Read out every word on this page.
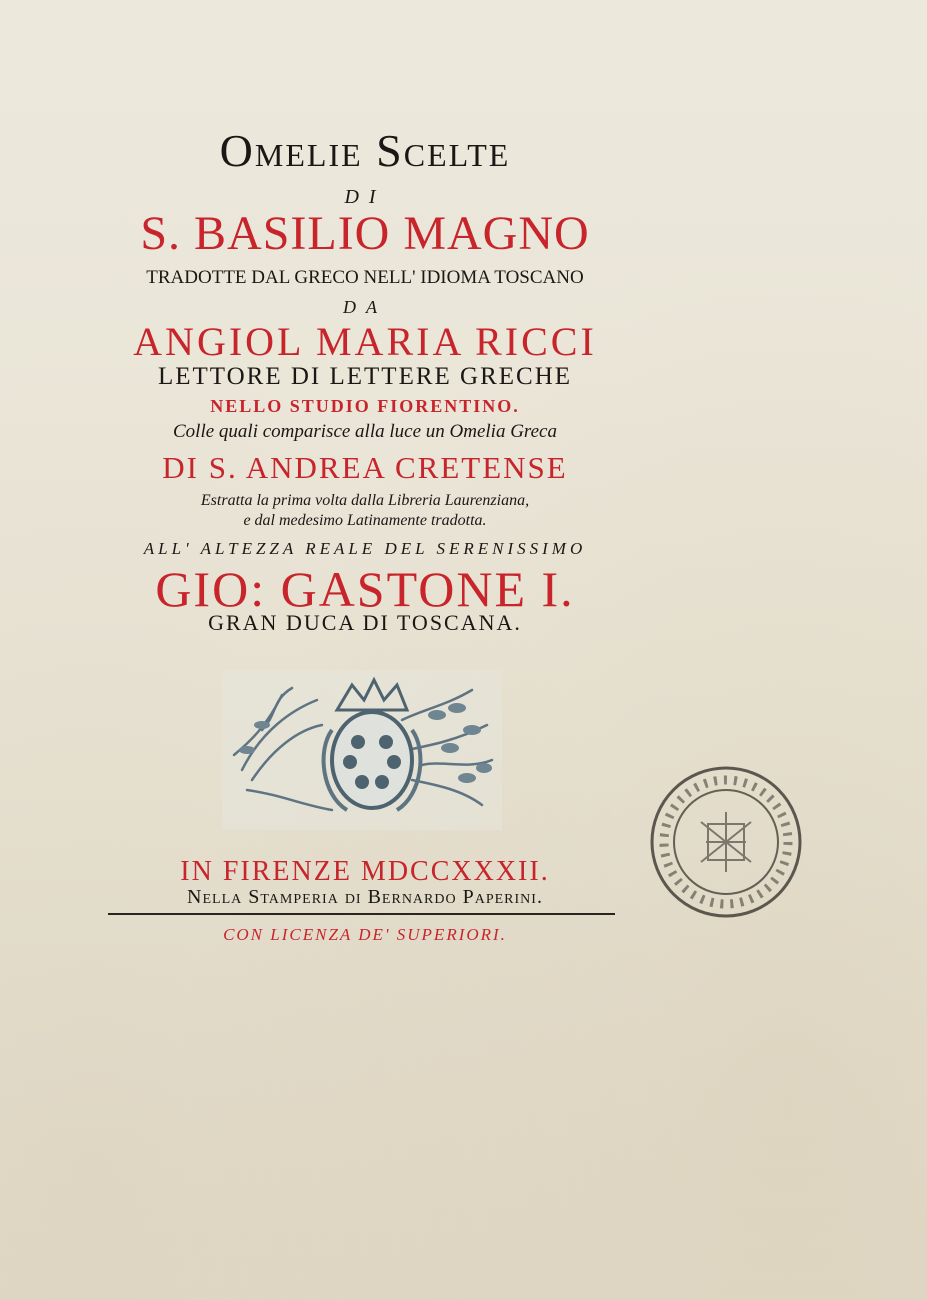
Omelie Scelte
DI
S. BASILIO MAGNO
TRADOTTE DAL GRECO NELL' IDIOMA TOSCANO
DA
ANGIOL MARIA RICCI
LETTORE DI LETTERE GRECHE
NELLO STUDIO FIORENTINO.
Colle quali comparisce alla luce un Omelia Greca
DI S. ANDREA CRETENSE
Estratta la prima volta dalla Libreria Laurenziana,
e dal medesimo Latinamente tradotta.
ALL' ALTEZZA REALE DEL SERENISSIMO
GIO: GASTONE I.
GRAN DUCA DI TOSCANA.
IN FIRENZE MDCCXXXII.
Nella Stamperia di Bernardo Paperini.
CON LICENZA DE' SUPERIORI.
